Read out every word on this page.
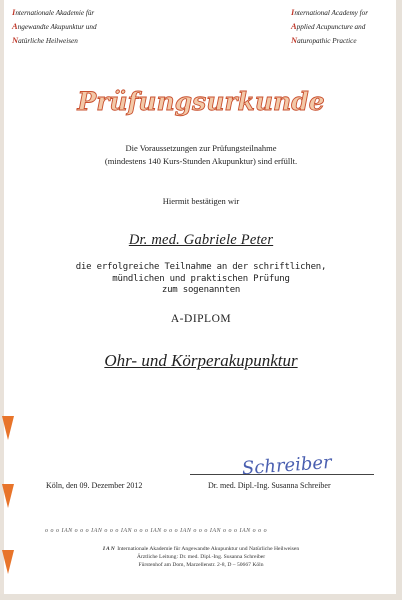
Internationale Akademie für
Angewandte Akupunktur und
Natürliche Heilweisen
International Academy for
Applied Acupuncture and
Naturopathic Practice
Prüfungsurkunde
Die Voraussetzungen zur Prüfungsteilnahme
(mindestens 140 Kurs-Stunden Akupunktur) sind erfüllt.
Hiermit bestätigen wir
Dr. med. Gabriele Peter
die erfolgreiche Teilnahme an der schriftlichen,
mündlichen und praktischen Prüfung
zum sogenannten
A-DIPLOM
Ohr- und Körperakupunktur
Schreiber
Köln, den 09. Dezember 2012	Dr. med. Dipl.-Ing. Susanna Schreiber
o o o IAN o o o IAN o o o IAN o o o IAN o o o IAN o o o IAN o o o IAN o o o
IAN Internationale Akademie für Angewandte Akupunktur und Natürliche Heilweisen
Ärztliche Leitung: Dr. med. Dipl.-Ing. Susanna Schreiber
Fürstenhof am Dom, Marzellenstr. 2-8, D – 50667 Köln
